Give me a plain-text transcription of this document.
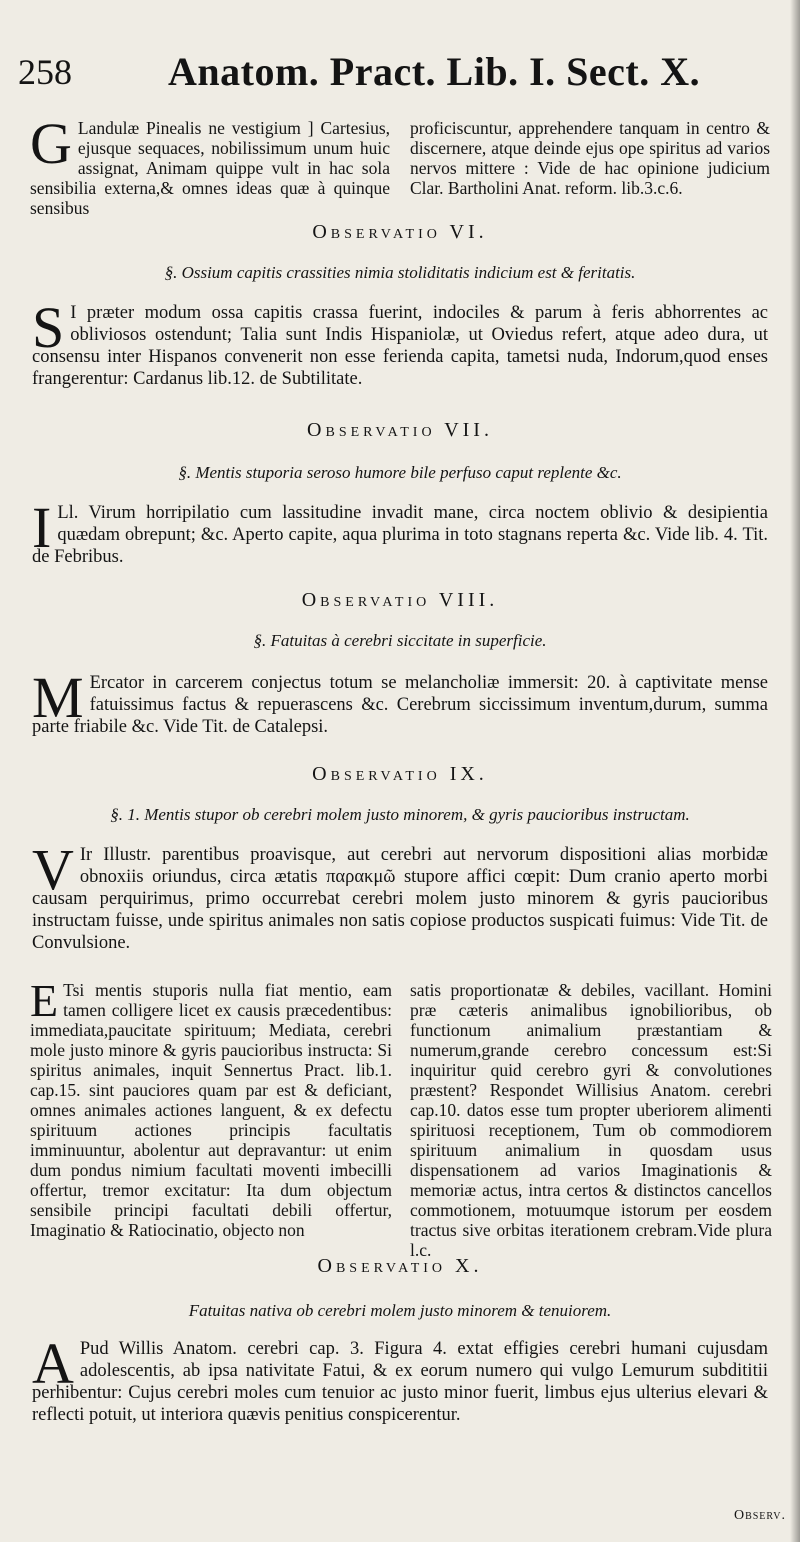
258 Anatom. Pract. Lib. I. Sect. X.
G Landulæ Pinealis ne vestigium ] Cartesius, ejusque sequaces, nobilissimum unum huic assignat, Animam quippe vult in hac sola sensibilia externa,& omnes ideas quæ à quinque sensibus
proficiscuntur, apprehendere tanquam in centro & discernere, atque deinde ejus ope spiritus ad varios nervos mittere : Vide de hac opinione judicium Clar. Bartholini Anat. reform. lib.3.c.6.
Observatio VI.
§. Ossium capitis crassities nimia stoliditatis indicium est & feritatis.
S I præter modum ossa capitis crassa fuerint, indociles & parum à feris abhorrentes ac obliviosos ostendunt; Talia sunt Indis Hispaniolæ, ut Oviedus refert, atque adeo dura, ut consensu inter Hispanos convenerit non esse ferienda capita, tametsi nuda, Indorum,quod enses frangerentur: Cardanus lib.12. de Subtilitate.
Observatio VII.
§. Mentis stuporia seroso humore bile perfuso caput replente &c.
I Ll. Virum horripilatio cum lassitudine invadit mane, circa noctem oblivio & desipientia quædam obrepunt; &c. Aperto capite, aqua plurima in toto stagnans reperta &c. Vide lib. 4. Tit. de Febribus.
Observatio VIII.
§. Fatuitas à cerebri siccitate in superficie.
M Ercator in carcerem conjectus totum se melancholiæ immersit: 20. à captivitate mense fatuissimus factus & repuerascens &c. Cerebrum siccissimum inventum,durum, summa parte friabile &c. Vide Tit. de Catalepsi.
Observatio IX.
§. 1. Mentis stupor ob cerebri molem justo minorem, & gyris paucioribus instructam.
V Ir Illustr. parentibus proavisque, aut cerebri aut nervorum dispositioni alias morbidæ obnoxiis oriundus, circa ætatis παρακμῶ stupore affici cœpit: Dum cranio aperto morbi causam perquirimus, primo occurrebat cerebri molem justo minorem & gyris paucioribus instructam fuisse, unde spiritus animales non satis copiose productos suspicati fuimus: Vide Tit. de Convulsione.
E Tsi mentis stuporis nulla fiat mentio, eam tamen colligere licet ex causis præcedentibus: immediata,paucitate spirituum; Mediata, cerebri mole justo minore & gyris paucioribus instructa: Si spiritus animales, inquit Sennertus Pract. lib.1. cap.15. sint pauciores quam par est & deficiant, omnes animales actiones languent, & ex defectu spirituum actiones principis facultatis imminuuntur, abolentur aut depravantur: ut enim dum pondus nimium facultati moventi imbecilli offertur, tremor excitatur: Ita dum objectum sensibile principi facultati debili offertur, Imaginatio & Ratiocinatio, objecto non
satis proportionatæ & debiles, vacillant. Homini præ cæteris animalibus ignobilioribus, ob functionum animalium præstantiam & numerum,grande cerebro concessum est:Si inquiritur quid cerebro gyri & convolutiones præstent? Respondet Willisius Anatom. cerebri cap.10. datos esse tum propter uberiorem alimenti spirituosi receptionem, Tum ob commodiorem spirituum animalium in quosdam usus dispensationem ad varios Imaginationis & memoriæ actus, intra certos & distinctos cancellos commotionem, motuumque istorum per eosdem tractus sive orbitas iterationem crebram.Vide plura l.c.
Observatio X.
Fatuitas nativa ob cerebri molem justo minorem & tenuiorem.
A Pud Willis Anatom. cerebri cap. 3. Figura 4. extat effigies cerebri humani cujusdam adolescentis, ab ipsa nativitate Fatui, & ex eorum numero qui vulgo Lemurum subdititii perhibentur: Cujus cerebri moles cum tenuior ac justo minor fuerit, limbus ejus ulterius elevari & reflecti potuit, ut interiora quævis penitius conspicerentur.
Observ.
